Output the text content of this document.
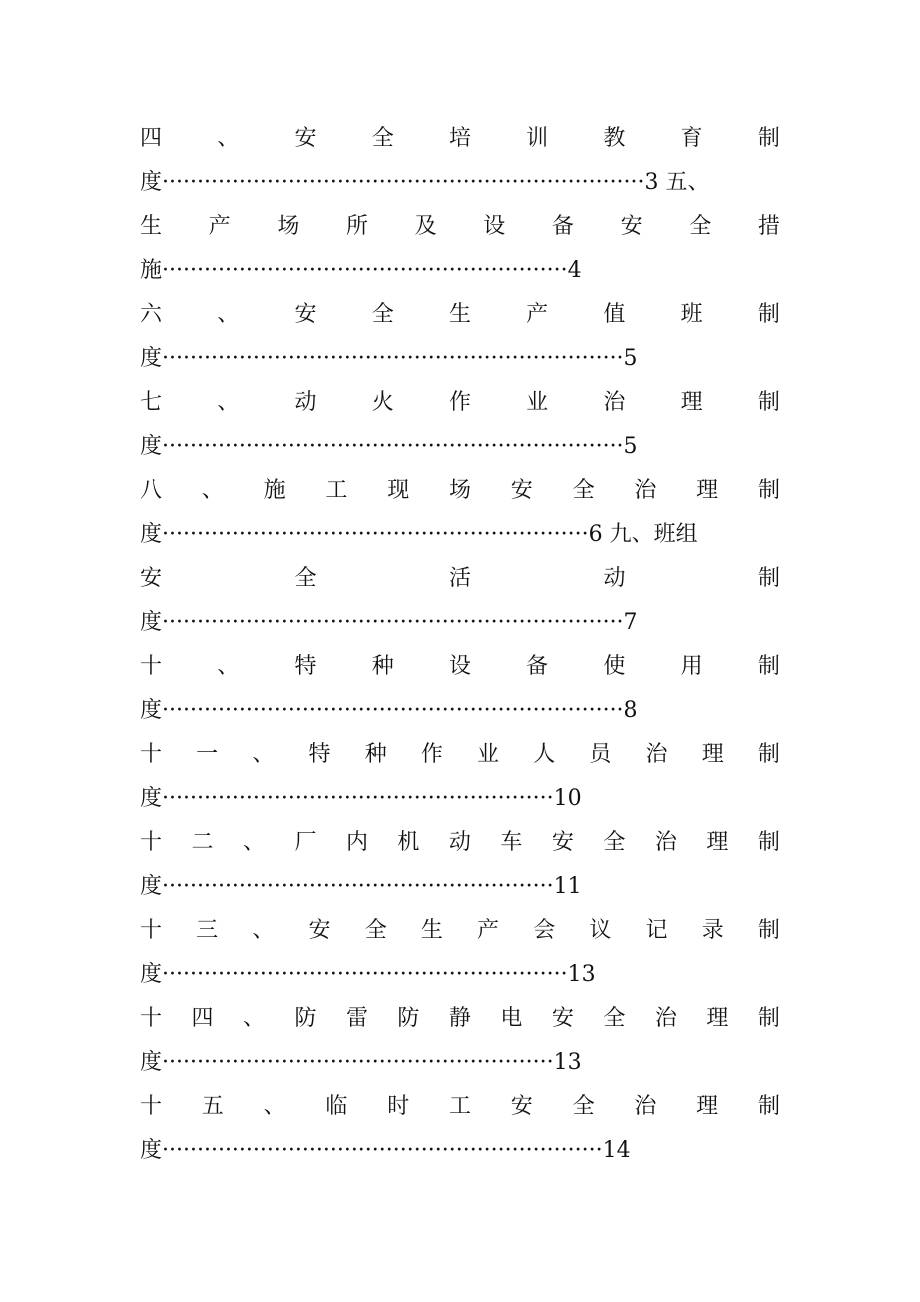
四	、	安	全	培	训	教	育	制
度·····································································3 五、
生 产 场 所 及 设 备 安 全 措
施··························································4
六	、	安	全	生	产	值	班	制
度··································································5
七	、	动	火	作	业	治	理	制
度··································································5
八 、 施 工 现 场 安 全 治 理 制
度·····························································6 九、班组
安	全	活	动	制
度··································································7
十	、	特	种	设	备	使	用	制
度··································································8
十 一 、 特 种 作 业 人 员 治 理 制
度························································10
十 二 、 厂 内 机 动 车 安 全 治 理 制
度························································11
十 三 、 安 全 生 产 会 议 记 录 制
度··························································13
十 四 、 防 雷 防 静 电 安 全 治 理 制
度························································13
十 五 、 临 时 工 安 全 治 理 制
度·······························································14
